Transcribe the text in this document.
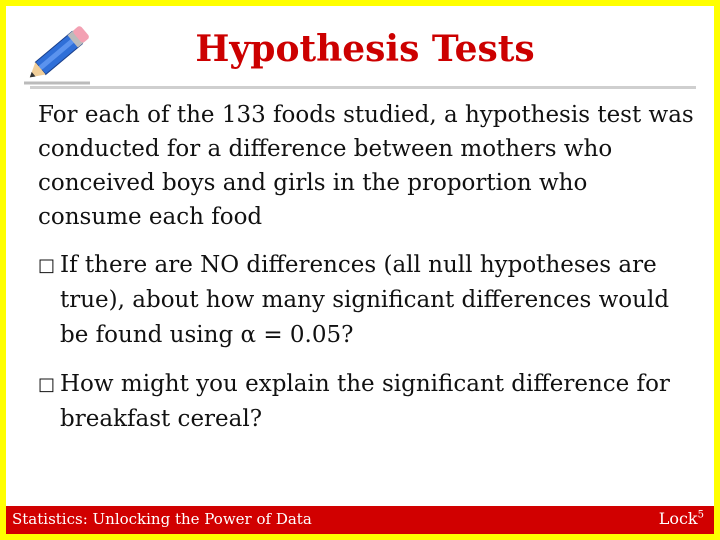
Hypothesis Tests
For each of the 133 foods studied, a hypothesis test was conducted for a difference between mothers who conceived boys and girls in the proportion who consume each food
□ If there are NO differences (all null hypotheses are true), about how many significant differences would be found using α = 0.05?
□ How might you explain the significant difference for breakfast cereal?
Statistics: Unlocking the Power of Data	Lock$^5$
